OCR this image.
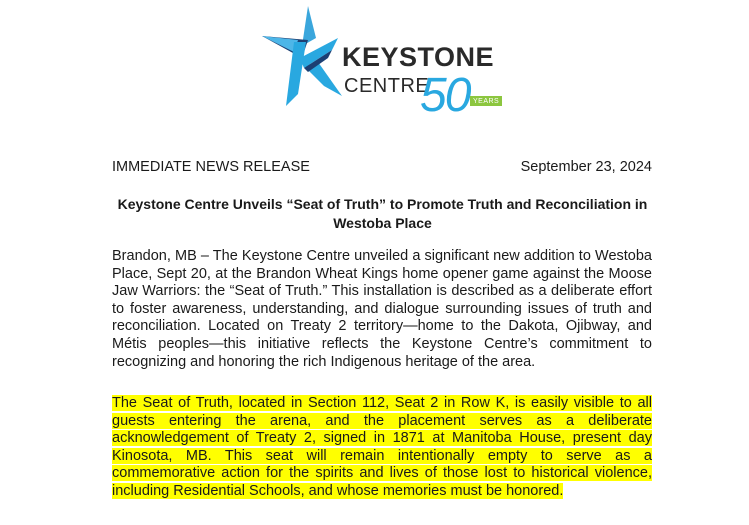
KEYSTONE
CENTRE
50 YEARS
IMMEDIATE NEWS RELEASE	September 23, 2024
Keystone Centre Unveils “Seat of Truth” to Promote Truth and Reconciliation in Westoba Place
Brandon, MB – The Keystone Centre unveiled a significant new addition to Westoba Place, Sept 20, at the Brandon Wheat Kings home opener game against the Moose Jaw Warriors: the “Seat of Truth.” This installation is described as a deliberate effort to foster awareness, understanding, and dialogue surrounding issues of truth and reconciliation. Located on Treaty 2 territory—home to the Dakota, Ojibway, and Métis peoples—this initiative reflects the Keystone Centre’s commitment to recognizing and honoring the rich Indigenous heritage of the area.
The Seat of Truth, located in Section 112, Seat 2 in Row K, is easily visible to all guests entering the arena, and the placement serves as a deliberate acknowledgement of Treaty 2, signed in 1871 at Manitoba House, present day Kinosota, MB. This seat will remain intentionally empty to serve as a commemorative action for the spirits and lives of those lost to historical violence, including Residential Schools, and whose memories must be honored.
